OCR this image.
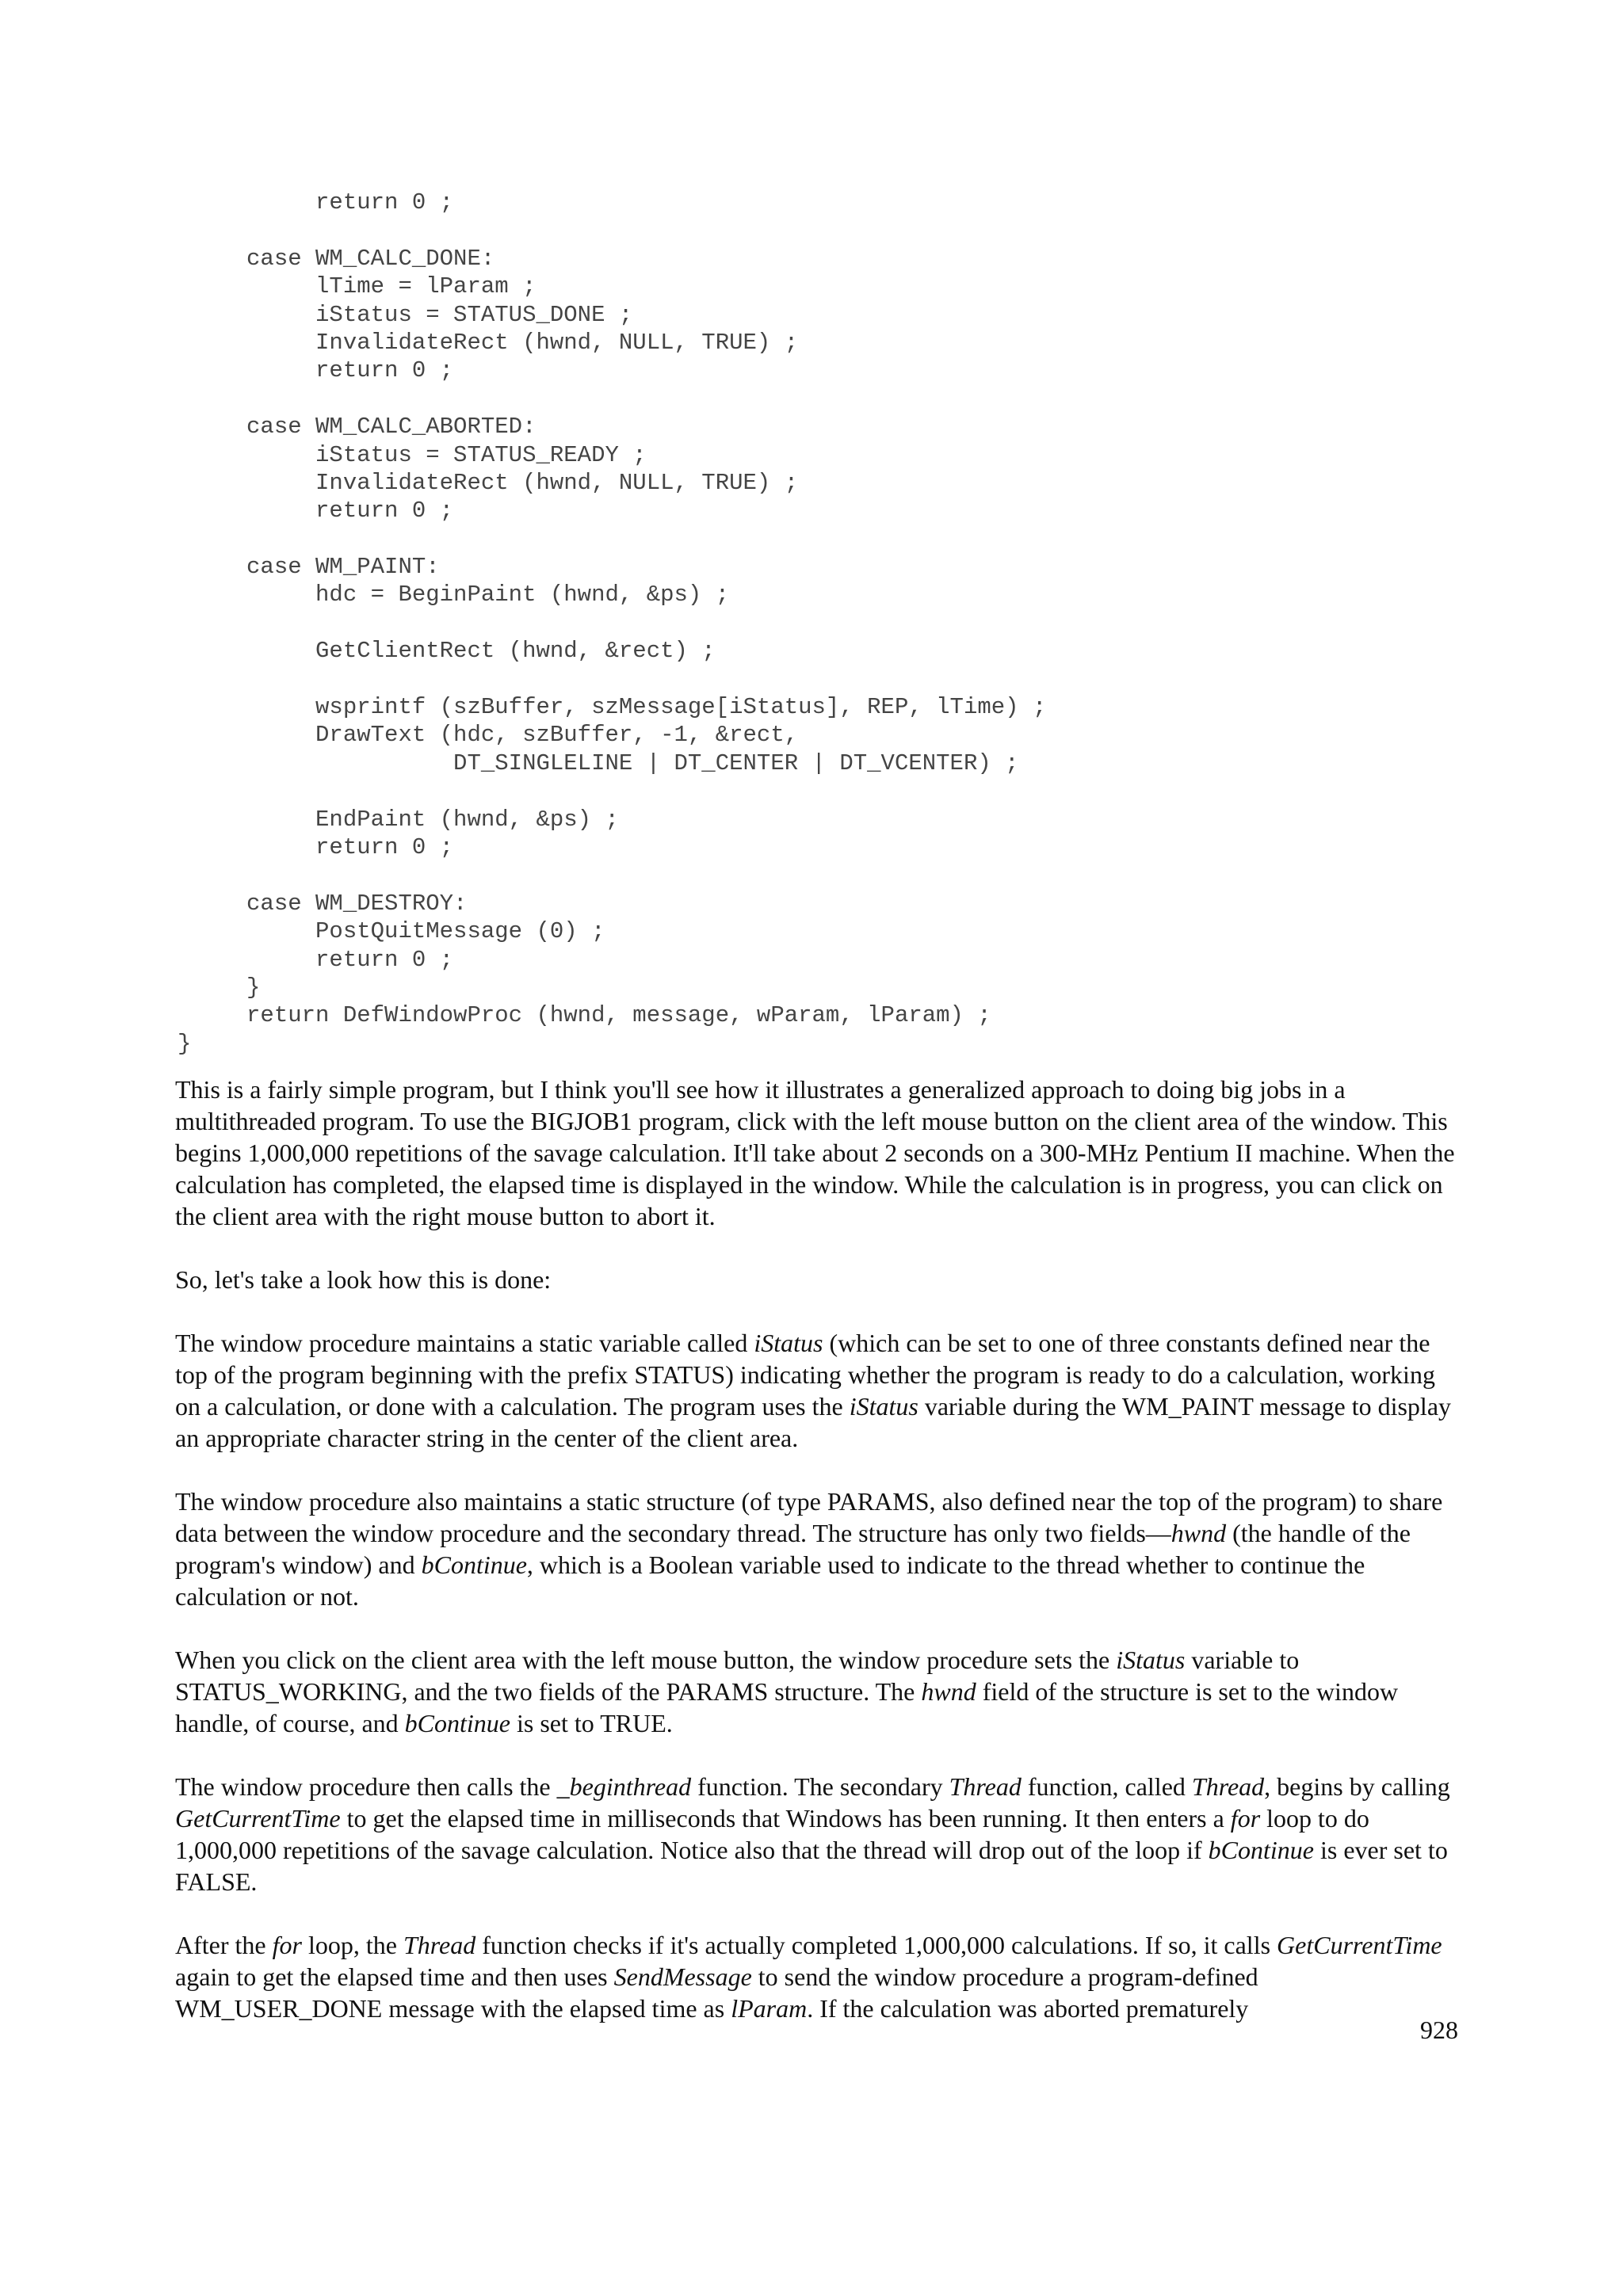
return 0 ;
case WM_CALC_DONE:
lTime = lParam ;
iStatus = STATUS_DONE ;
InvalidateRect (hwnd, NULL, TRUE) ;
return 0 ;
case WM_CALC_ABORTED:
iStatus = STATUS_READY ;
InvalidateRect (hwnd, NULL, TRUE) ;
return 0 ;
case WM_PAINT:
hdc = BeginPaint (hwnd, &ps) ;
GetClientRect (hwnd, &rect) ;
wsprintf (szBuffer, szMessage[iStatus], REP, lTime) ;
DrawText (hdc, szBuffer, -1, &rect,
DT_SINGLELINE | DT_CENTER | DT_VCENTER) ;
EndPaint (hwnd, &ps) ;
return 0 ;
case WM_DESTROY:
PostQuitMessage (0) ;
return 0 ;
}
return DefWindowProc (hwnd, message, wParam, lParam) ;
}

This is a fairly simple program, but I think you'll see how it illustrates a generalized approach to doing big jobs in a multithreaded program. To use the BIGJOB1 program, click with the left mouse button on the client area of the window. This begins 1,000,000 repetitions of the savage calculation. It'll take about 2 seconds on a 300-MHz Pentium II machine. When the calculation has completed, the elapsed time is displayed in the window. While the calculation is in progress, you can click on the client area with the right mouse button to abort it.

So, let's take a look how this is done:

The window procedure maintains a static variable called iStatus (which can be set to one of three constants defined near the top of the program beginning with the prefix STATUS) indicating whether the program is ready to do a calculation, working on a calculation, or done with a calculation. The program uses the iStatus variable during the WM_PAINT message to display an appropriate character string in the center of the client area.

The window procedure also maintains a static structure (of type PARAMS, also defined near the top of the program) to share data between the window procedure and the secondary thread. The structure has only two fields—hwnd (the handle of the program's window) and bContinue, which is a Boolean variable used to indicate to the thread whether to continue the calculation or not.

When you click on the client area with the left mouse button, the window procedure sets the iStatus variable to STATUS_WORKING, and the two fields of the PARAMS structure. The hwnd field of the structure is set to the window handle, of course, and bContinue is set to TRUE.

The window procedure then calls the _beginthread function. The secondary Thread function, called Thread, begins by calling GetCurrentTime to get the elapsed time in milliseconds that Windows has been running. It then enters a for loop to do 1,000,000 repetitions of the savage calculation. Notice also that the thread will drop out of the loop if bContinue is ever set to FALSE.

After the for loop, the Thread function checks if it's actually completed 1,000,000 calculations. If so, it calls GetCurrentTime again to get the elapsed time and then uses SendMessage to send the window procedure a program-defined WM_USER_DONE message with the elapsed time as lParam. If the calculation was aborted prematurely

928
